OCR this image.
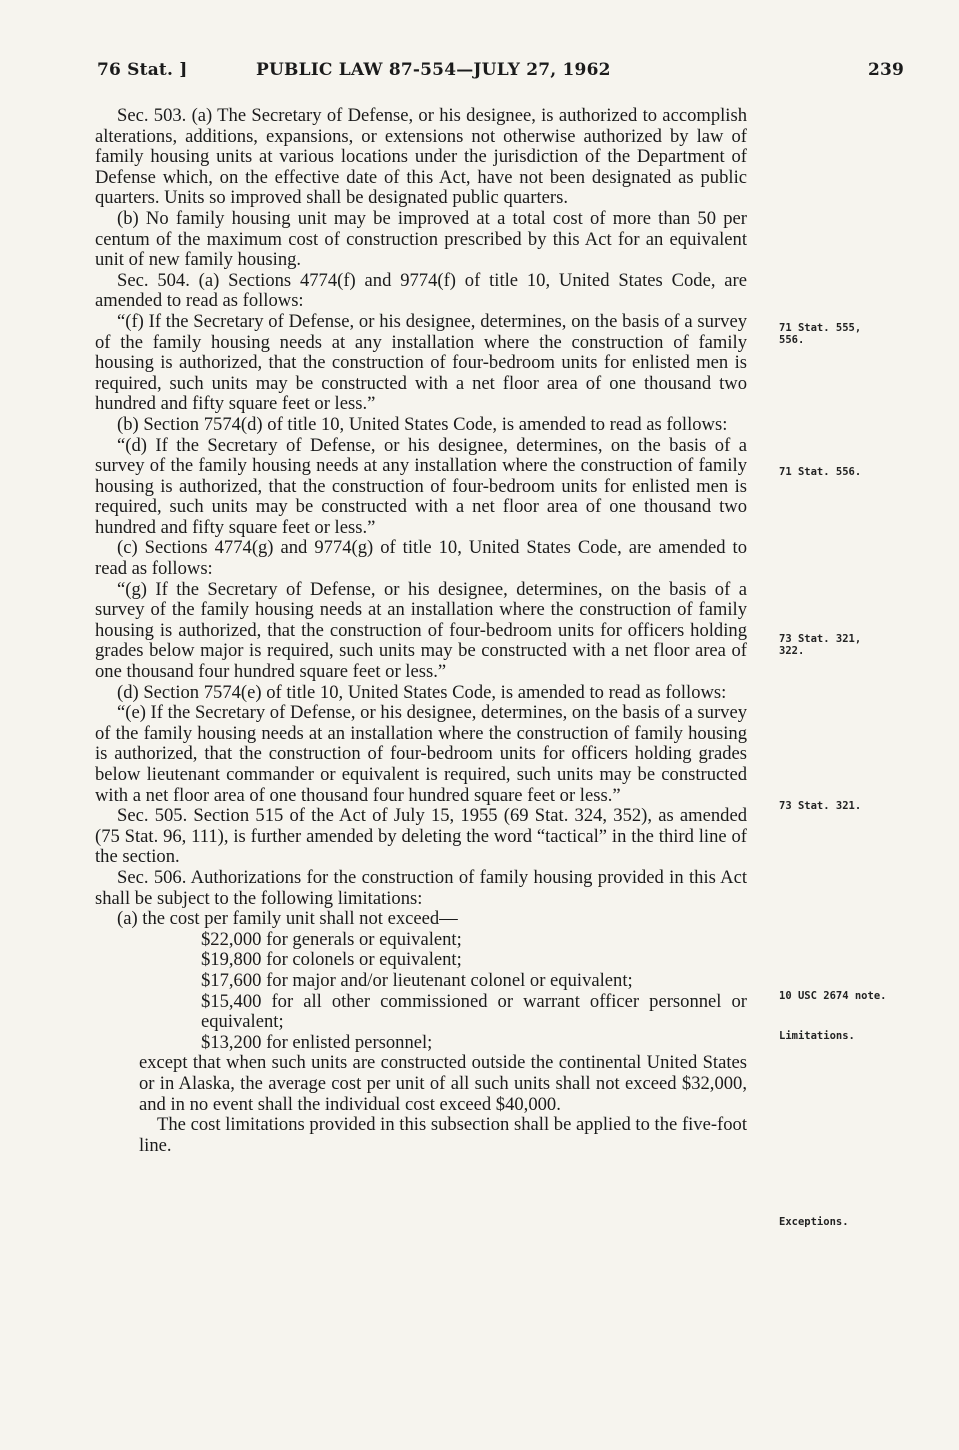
76 Stat. ]	PUBLIC LAW 87-554—JULY 27, 1962	239

Sec. 503. (a) The Secretary of Defense, or his designee, is authorized to accomplish alterations, additions, expansions, or extensions not otherwise authorized by law of family housing units at various locations under the jurisdiction of the Department of Defense which, on the effective date of this Act, have not been designated as public quarters. Units so improved shall be designated public quarters.

(b) No family housing unit may be improved at a total cost of more than 50 per centum of the maximum cost of construction prescribed by this Act for an equivalent unit of new family housing.

Sec. 504. (a) Sections 4774(f) and 9774(f) of title 10, United States Code, are amended to read as follows:

“(f) If the Secretary of Defense, or his designee, determines, on the basis of a survey of the family housing needs at any installation where the construction of family housing is authorized, that the construction of four-bedroom units for enlisted men is required, such units may be constructed with a net floor area of one thousand two hundred and fifty square feet or less.”

(b) Section 7574(d) of title 10, United States Code, is amended to read as follows:

“(d) If the Secretary of Defense, or his designee, determines, on the basis of a survey of the family housing needs at any installation where the construction of family housing is authorized, that the construction of four-bedroom units for enlisted men is required, such units may be constructed with a net floor area of one thousand two hundred and fifty square feet or less.”

(c) Sections 4774(g) and 9774(g) of title 10, United States Code, are amended to read as follows:

“(g) If the Secretary of Defense, or his designee, determines, on the basis of a survey of the family housing needs at an installation where the construction of family housing is authorized, that the construction of four-bedroom units for officers holding grades below major is required, such units may be constructed with a net floor area of one thousand four hundred square feet or less.”

(d) Section 7574(e) of title 10, United States Code, is amended to read as follows:

“(e) If the Secretary of Defense, or his designee, determines, on the basis of a survey of the family housing needs at an installation where the construction of family housing is authorized, that the construction of four-bedroom units for officers holding grades below lieutenant commander or equivalent is required, such units may be constructed with a net floor area of one thousand four hundred square feet or less.”

Sec. 505. Section 515 of the Act of July 15, 1955 (69 Stat. 324, 352), as amended (75 Stat. 96, 111), is further amended by deleting the word “tactical” in the third line of the section.

Sec. 506. Authorizations for the construction of family housing provided in this Act shall be subject to the following limitations:

(a) the cost per family unit shall not exceed—

$22,000 for generals or equivalent;

$19,800 for colonels or equivalent;

$17,600 for major and/or lieutenant colonel or equivalent;

$15,400 for all other commissioned or warrant officer personnel or equivalent;

$13,200 for enlisted personnel;

except that when such units are constructed outside the continental United States or in Alaska, the average cost per unit of all such units shall not exceed $32,000, and in no event shall the individual cost exceed $40,000.

The cost limitations provided in this subsection shall be applied to the five-foot line.

71 Stat. 555, 556.
71 Stat. 556.
73 Stat. 321, 322.
73 Stat. 321.
10 USC 2674 note.
Limitations.
Exceptions.
